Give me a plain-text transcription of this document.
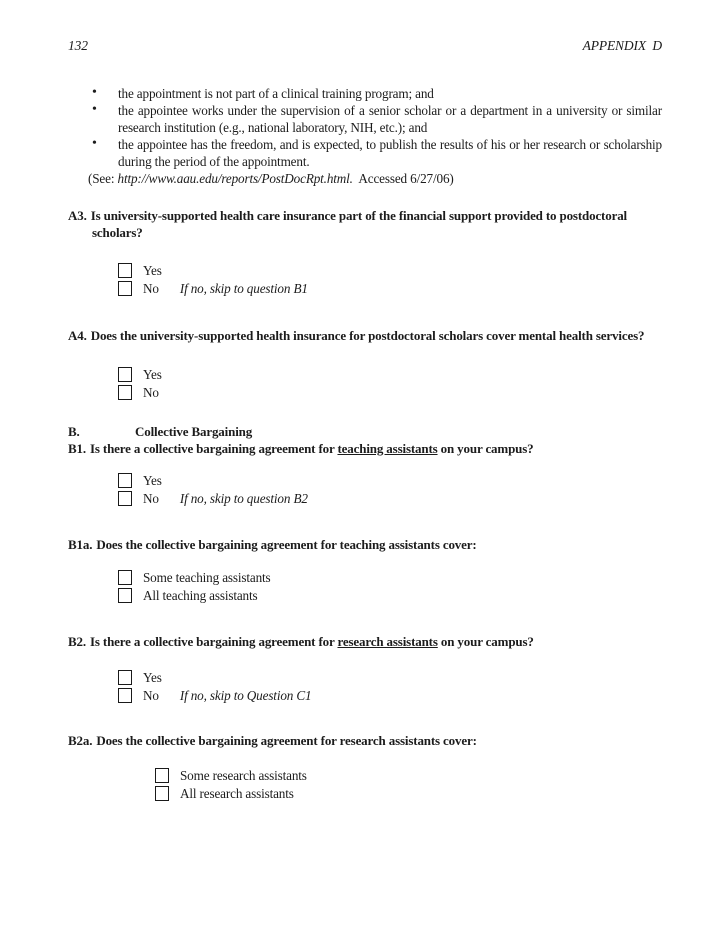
132	APPENDIX  D
• the appointment is not part of a clinical training program; and
• the appointee works under the supervision of a senior scholar or a department in a university or similar research institution (e.g., national laboratory, NIH, etc.); and
• the appointee has the freedom, and is expected, to publish the results of his or her research or scholarship during the period of the appointment.
(See: http://www.aau.edu/reports/PostDocRpt.html.  Accessed 6/27/06)
A3. Is university-supported health care insurance part of the financial support provided to postdoctoral scholars?
Yes
No If no, skip to question B1
A4. Does the university-supported health insurance for postdoctoral scholars cover mental health services?
Yes
No
B.	Collective Bargaining
B1. Is there a collective bargaining agreement for teaching assistants on your campus?
Yes
No If no, skip to question B2
B1a. Does the collective bargaining agreement for teaching assistants cover:
Some teaching assistants
All teaching assistants
B2. Is there a collective bargaining agreement for research assistants on your campus?
Yes
No If no, skip to Question C1
B2a. Does the collective bargaining agreement for research assistants cover:
Some research assistants
All research assistants
